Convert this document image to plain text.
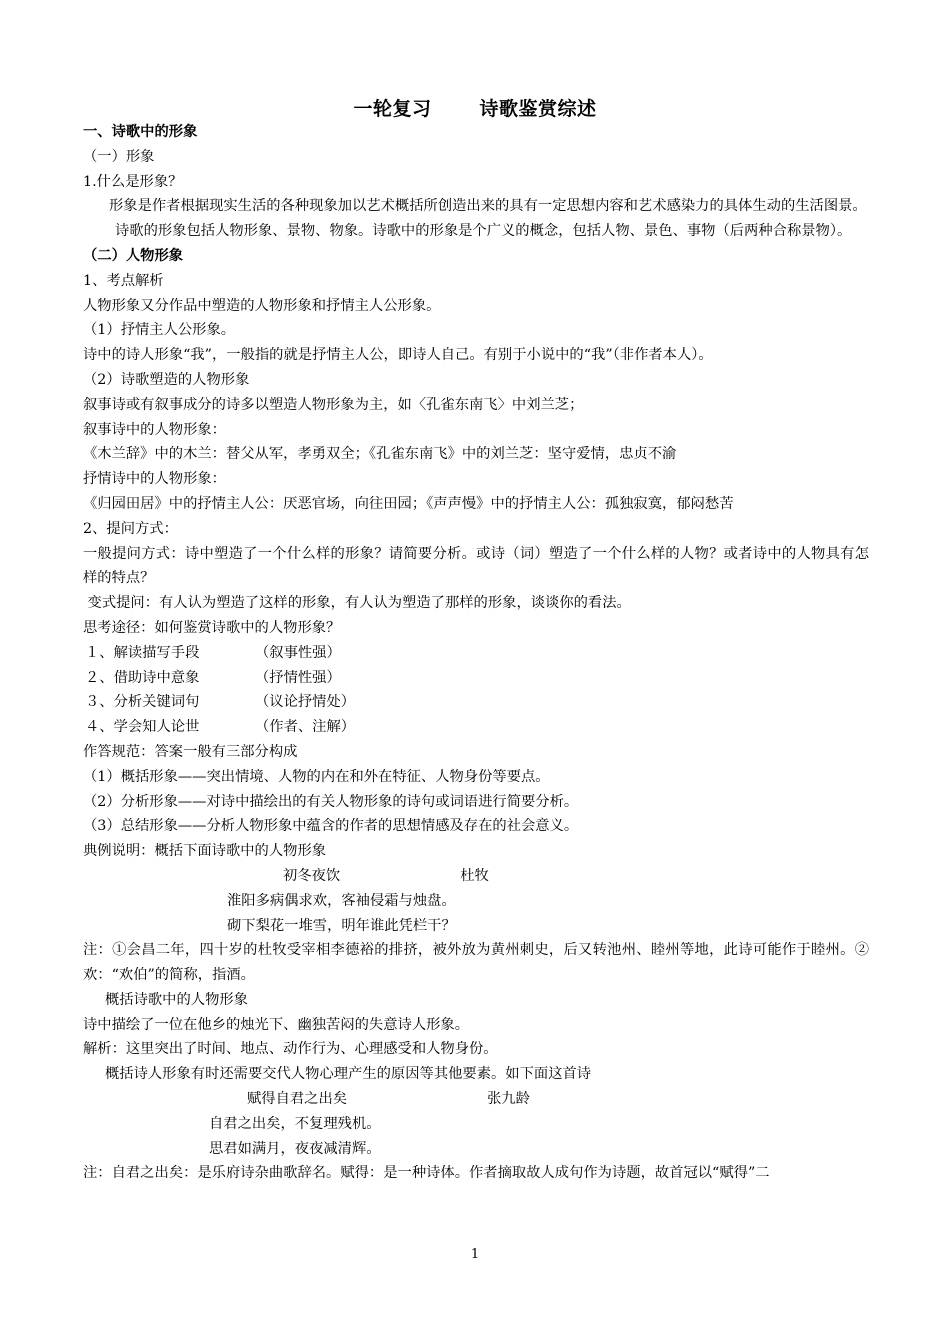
一轮复习	诗歌鉴赏综述

一、诗歌中的形象

（一）形象

1.什么是形象？

形象是作者根据现实生活的各种现象加以艺术概括所创造出来的具有一定思想内容和艺术感染力的具体生动的生活图景。

诗歌的形象包括人物形象、景物、物象。诗歌中的形象是个广义的概念，包括人物、景色、事物（后两种合称景物）。

（二）人物形象

1、考点解析

人物形象又分作品中塑造的人物形象和抒情主人公形象。

（1）抒情主人公形象。

诗中的诗人形象“我”，一般指的就是抒情主人公，即诗人自己。有别于小说中的“我”（非作者本人）。

（2）诗歌塑造的人物形象

叙事诗或有叙事成分的诗多以塑造人物形象为主，如〈孔雀东南飞〉中刘兰芝；

叙事诗中的人物形象：

《木兰辞》中的木兰：替父从军，孝勇双全；《孔雀东南飞》中的刘兰芝：坚守爱情，忠贞不渝

抒情诗中的人物形象：

《归园田居》中的抒情主人公：厌恶官场，向往田园；《声声慢》中的抒情主人公：孤独寂寞，郁闷愁苦

2、提问方式：

一般提问方式：诗中塑造了一个什么样的形象？请简要分析。或诗（词）塑造了一个什么样的人物？或者诗中的人物具有怎样的特点？

变式提问：有人认为塑造了这样的形象，有人认为塑造了那样的形象，谈谈你的看法。

思考途径：如何鉴赏诗歌中的人物形象？

１、解读描写手段	（叙事性强）

２、借助诗中意象	（抒情性强）

３、分析关键词句	（议论抒情处）

４、学会知人论世	（作者、注解）

作答规范：答案一般有三部分构成

（1）概括形象——突出情境、人物的内在和外在特征、人物身份等要点。

（2）分析形象——对诗中描绘出的有关人物形象的诗句或词语进行简要分析。

（3）总结形象——分析人物形象中蕴含的作者的思想情感及存在的社会意义。

典例说明：概括下面诗歌中的人物形象

初冬夜饮	杜牧

淮阳多病偶求欢，客袖侵霜与烛盘。

砌下梨花一堆雪，明年谁此凭栏干？

注：①会昌二年，四十岁的杜牧受宰相李德裕的排挤，被外放为黄州刺史，后又转池州、睦州等地，此诗可能作于睦州。②欢：“欢伯”的简称，指酒。

概括诗歌中的人物形象

诗中描绘了一位在他乡的烛光下、幽独苦闷的失意诗人形象。

解析：这里突出了时间、地点、动作行为、心理感受和人物身份。

概括诗人形象有时还需要交代人物心理产生的原因等其他要素。如下面这首诗

赋得自君之出矣	张九龄

自君之出矣，不复理残机。

思君如满月，夜夜减清辉。

注：自君之出矣：是乐府诗杂曲歌辞名。赋得：是一种诗体。作者摘取故人成句作为诗题，故首冠以“赋得”二

1
